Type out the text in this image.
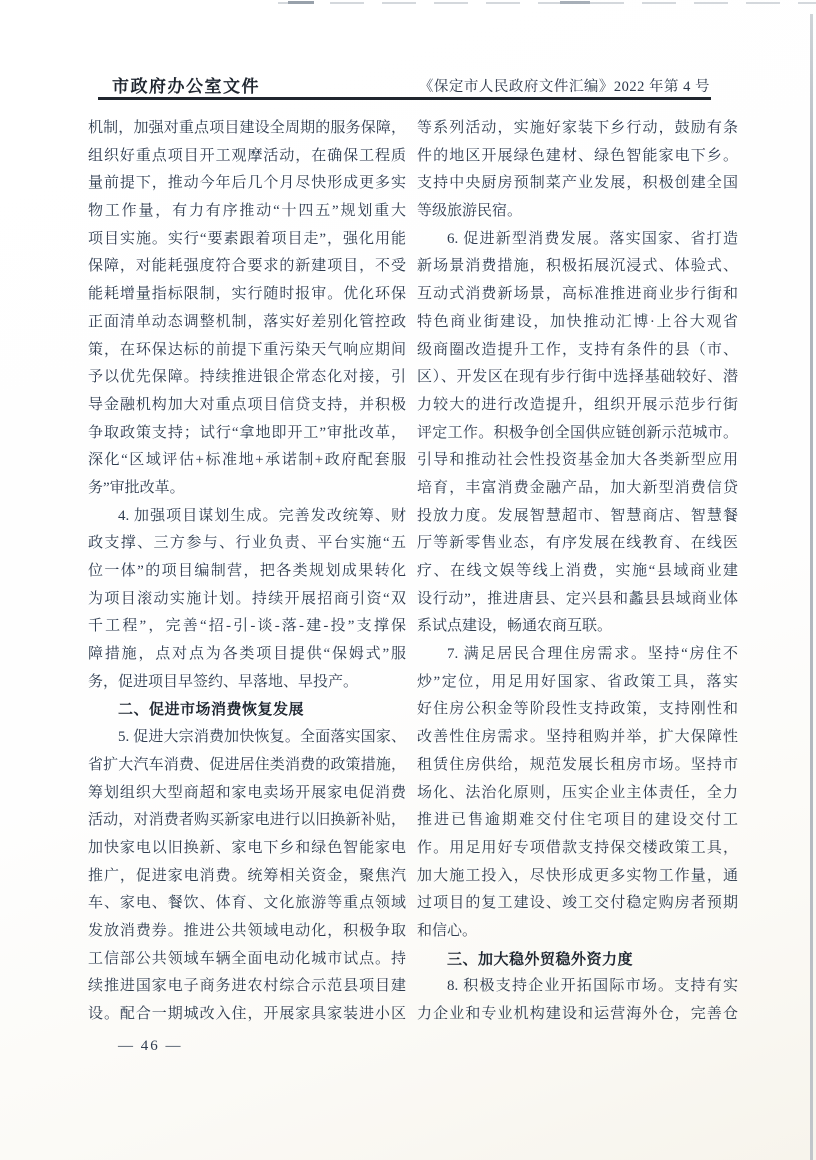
市政府办公室文件	《保定市人民政府文件汇编》2022 年第 4 号
机制，加强对重点项目建设全周期的服务保障，
组织好重点项目开工观摩活动，在确保工程质
量前提下，推动今年后几个月尽快形成更多实
物工作量，有力有序推动“十四五”规划重大
项目实施。实行“要素跟着项目走”，强化用能
保障，对能耗强度符合要求的新建项目，不受
能耗增量指标限制，实行随时报审。优化环保
正面清单动态调整机制，落实好差别化管控政
策，在环保达标的前提下重污染天气响应期间
予以优先保障。持续推进银企常态化对接，引
导金融机构加大对重点项目信贷支持，并积极
争取政策支持；试行“拿地即开工”审批改革，
深化“区域评估+标准地+承诺制+政府配套服
务”审批改革。
4. 加强项目谋划生成。完善发改统筹、财
政支撑、三方参与、行业负责、平台实施“五
位一体”的项目编制营，把各类规划成果转化
为项目滚动实施计划。持续开展招商引资“双
千工程”，完善“招-引-谈-落-建-投”支撑保
障措施，点对点为各类项目提供“保姆式”服
务，促进项目早签约、早落地、早投产。
二、促进市场消费恢复发展
5. 促进大宗消费加快恢复。全面落实国家、
省扩大汽车消费、促进居住类消费的政策措施，
筹划组织大型商超和家电卖场开展家电促消费
活动，对消费者购买新家电进行以旧换新补贴，
加快家电以旧换新、家电下乡和绿色智能家电
推广，促进家电消费。统筹相关资金，聚焦汽
车、家电、餐饮、体育、文化旅游等重点领域
发放消费券。推进公共领域电动化，积极争取
工信部公共领域车辆全面电动化城市试点。持
续推进国家电子商务进农村综合示范县项目建
设。配合一期城改入住，开展家具家装进小区
等系列活动，实施好家装下乡行动，鼓励有条
件的地区开展绿色建材、绿色智能家电下乡。
支持中央厨房预制菜产业发展，积极创建全国
等级旅游民宿。
6. 促进新型消费发展。落实国家、省打造
新场景消费措施，积极拓展沉浸式、体验式、
互动式消费新场景，高标准推进商业步行街和
特色商业街建设，加快推动汇博·上谷大观省
级商圈改造提升工作，支持有条件的县（市、
区）、开发区在现有步行街中选择基础较好、潜
力较大的进行改造提升，组织开展示范步行街
评定工作。积极争创全国供应链创新示范城市。
引导和推动社会性投资基金加大各类新型应用
培育，丰富消费金融产品，加大新型消费信贷
投放力度。发展智慧超市、智慧商店、智慧餐
厅等新零售业态，有序发展在线教育、在线医
疗、在线文娱等线上消费，实施“县域商业建
设行动”，推进唐县、定兴县和蠡县县域商业体
系试点建设，畅通农商互联。
7. 满足居民合理住房需求。坚持“房住不
炒”定位，用足用好国家、省政策工具，落实
好住房公积金等阶段性支持政策，支持刚性和
改善性住房需求。坚持租购并举，扩大保障性
租赁住房供给，规范发展长租房市场。坚持市
场化、法治化原则，压实企业主体责任，全力
推进已售逾期难交付住宅项目的建设交付工
作。用足用好专项借款支持保交楼政策工具，
加大施工投入，尽快形成更多实物工作量，通
过项目的复工建设、竣工交付稳定购房者预期
和信心。
三、加大稳外贸稳外资力度
8. 积极支持企业开拓国际市场。支持有实
力企业和专业机构建设和运营海外仓，完善仓
— 46 —
